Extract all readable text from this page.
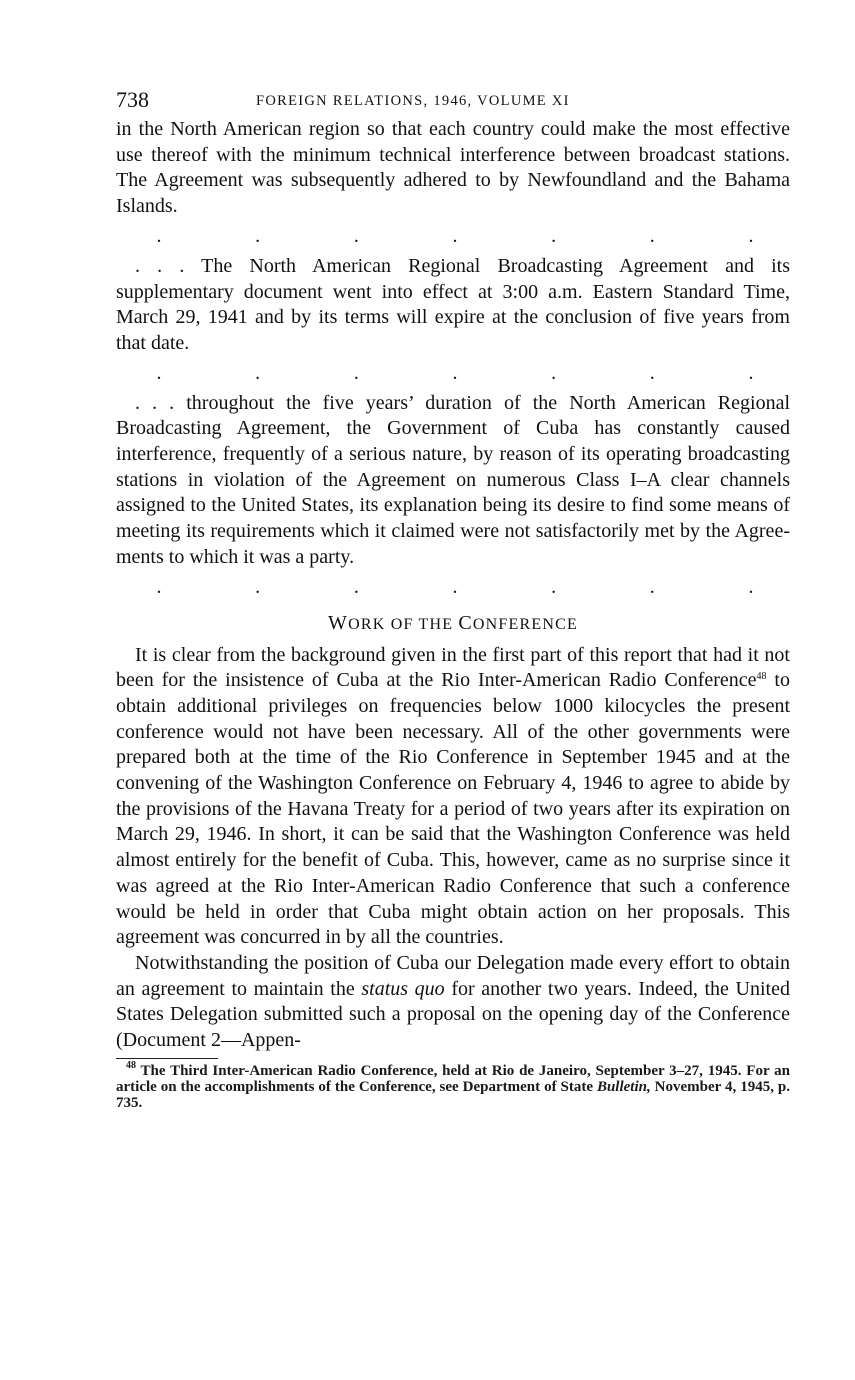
738	FOREIGN RELATIONS, 1946, VOLUME XI

in the North American region so that each country could make the most effective use thereof with the minimum technical interference between broadcast stations. The Agreement was subsequently adhered to by Newfoundland and the Bahama Islands.

.	.	.	.	.	.	.

. . . The North American Regional Broadcasting Agreement and its supplementary document went into effect at 3:00 a.m. Eastern Standard Time, March 29, 1941 and by its terms will expire at the conclusion of five years from that date.

.	.	.	.	.	.	.

. . . throughout the five years’ duration of the North American Regional Broadcasting Agreement, the Government of Cuba has constantly caused interference, frequently of a serious nature, by reason of its operating broadcasting stations in violation of the Agreement on numerous Class I–A clear channels assigned to the United States, its explanation being its desire to find some means of meeting its requirements which it claimed were not satisfactorily met by the Agreements to which it was a party.

.	.	.	.	.	.	.
WORK OF THE CONFERENCE

It is clear from the background given in the first part of this report that had it not been for the insistence of Cuba at the Rio Inter-American Radio Conference$^{48}$ to obtain additional privileges on frequencies below 1000 kilocycles the present conference would not have been necessary. All of the other governments were prepared both at the time of the Rio Conference in September 1945 and at the convening of the Washington Conference on February 4, 1946 to agree to abide by the provisions of the Havana Treaty for a period of two years after its expiration on March 29, 1946. In short, it can be said that the Washington Conference was held almost entirely for the benefit of Cuba. This, however, came as no surprise since it was agreed at the Rio Inter-American Radio Conference that such a conference would be held in order that Cuba might obtain action on her proposals. This agreement was concurred in by all the countries.

Notwithstanding the position of Cuba our Delegation made every effort to obtain an agreement to maintain the status quo for another two years. Indeed, the United States Delegation submitted such a proposal on the opening day of the Conference (Document 2—Appen-

$^{48}$ The Third Inter-American Radio Conference, held at Rio de Janeiro, September 3–27, 1945. For an article on the accomplishments of the Conference, see Department of State Bulletin, November 4, 1945, p. 735.
